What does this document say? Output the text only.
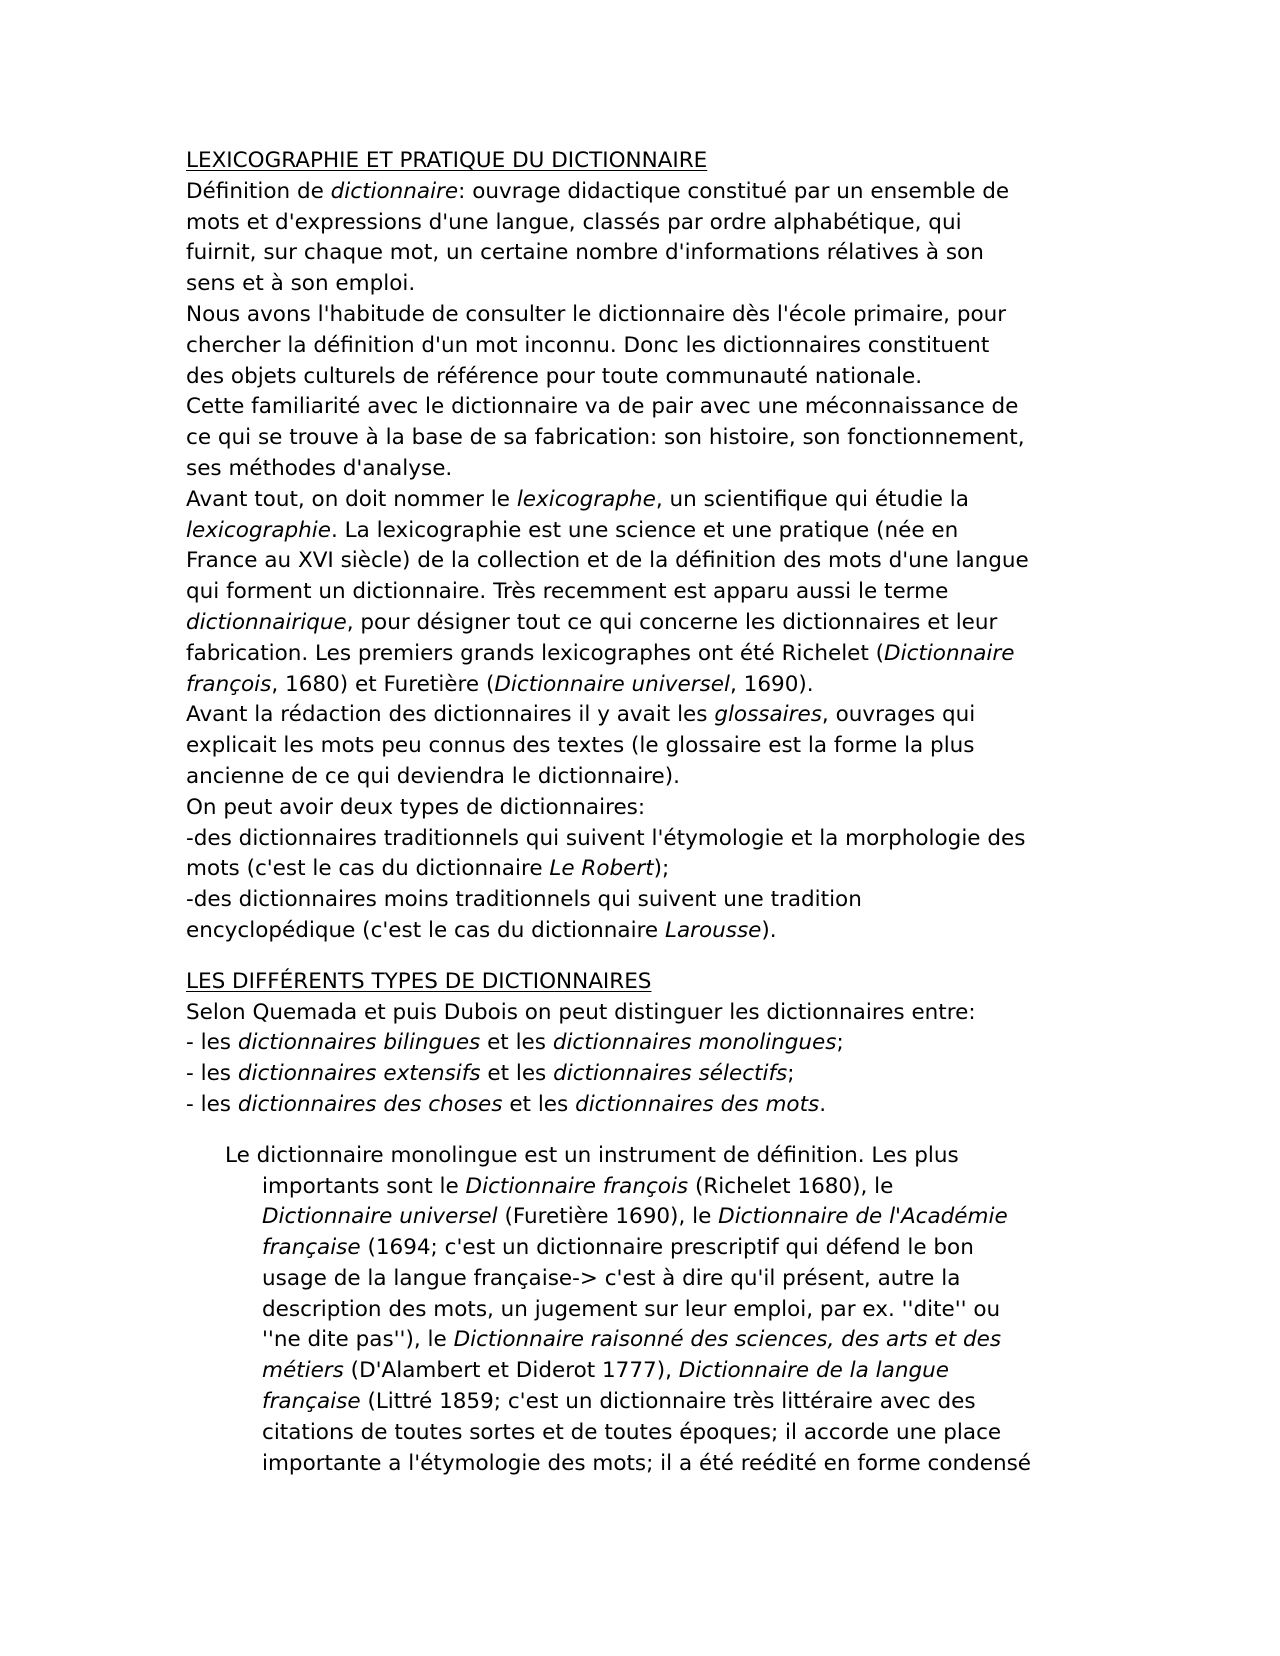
LEXICOGRAPHIE ET PRATIQUE DU DICTIONNAIRE
Définition de dictionnaire: ouvrage didactique constitué par un ensemble de
mots et d'expressions d'une langue, classés par ordre alphabétique, qui
fuirnit, sur chaque mot, un certaine nombre d'informations rélatives à son
sens et à son emploi.
Nous avons l'habitude de consulter le dictionnaire dès l'école primaire, pour
chercher la définition d'un mot inconnu. Donc les dictionnaires constituent
des objets culturels de référence pour toute communauté nationale.
Cette familiarité avec le dictionnaire va de pair avec une méconnaissance de
ce qui se trouve à la base de sa fabrication: son histoire, son fonctionnement,
ses méthodes d'analyse.
Avant tout, on doit nommer le lexicographe, un scientifique qui étudie la
lexicographie. La lexicographie est une science et une pratique (née en
France au XVI siècle) de la collection et de la définition des mots d'une langue
qui forment un dictionnaire. Très recemment est apparu aussi le terme
dictionnairique, pour désigner tout ce qui concerne les dictionnaires et leur
fabrication. Les premiers grands lexicographes ont été Richelet (Dictionnaire
françois, 1680) et Furetière (Dictionnaire universel, 1690).
Avant la rédaction des dictionnaires il y avait les glossaires, ouvrages qui
explicait les mots peu connus des textes (le glossaire est la forme la plus
ancienne de ce qui deviendra le dictionnaire).
On peut avoir deux types de dictionnaires:
-des dictionnaires traditionnels qui suivent l'étymologie et la morphologie des
mots (c'est le cas du dictionnaire Le Robert);
-des dictionnaires moins traditionnels qui suivent une tradition
encyclopédique (c'est le cas du dictionnaire Larousse).
LES DIFFÉRENTS TYPES DE DICTIONNAIRES
Selon Quemada et puis Dubois on peut distinguer les dictionnaires entre:
- les dictionnaires bilingues et les dictionnaires monolingues;
- les dictionnaires extensifs et les dictionnaires sélectifs;
- les dictionnaires des choses et les dictionnaires des mots.
Le dictionnaire monolingue est un instrument de définition. Les plus
importants sont le Dictionnaire françois (Richelet 1680), le
Dictionnaire universel (Furetière 1690), le Dictionnaire de l'Académie
française (1694; c'est un dictionnaire prescriptif qui défend le bon
usage de la langue française-> c'est à dire qu'il présent, autre la
description des mots, un jugement sur leur emploi, par ex. ''dite'' ou
''ne dite pas''), le Dictionnaire raisonné des sciences, des arts et des
métiers (D'Alambert et Diderot 1777), Dictionnaire de la langue
française (Littré 1859; c'est un dictionnaire très littéraire avec des
citations de toutes sortes et de toutes époques; il accorde une place
importante a l'étymologie des mots; il a été reédité en forme condensé
